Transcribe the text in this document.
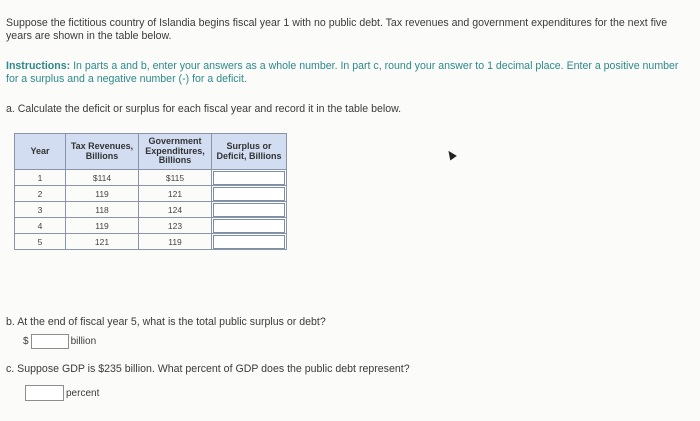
Suppose the fictitious country of Islandia begins fiscal year 1 with no public debt. Tax revenues and government expenditures for the next five years are shown in the table below.
Instructions: In parts a and b, enter your answers as a whole number. In part c, round your answer to 1 decimal place. Enter a positive number for a surplus and a negative number (-) for a deficit.
a. Calculate the deficit or surplus for each fiscal year and record it in the table below.
Year	Tax Revenues, Billions	Government Expenditures, Billions	Surplus or Deficit, Billions
1	$114	$115	

2	119	121	

3	118	124	

4	119	123	

5	121	119	
b. At the end of fiscal year 5, what is the total public surplus or debt?
$	billion
c. Suppose GDP is $235 billion. What percent of GDP does the public debt represent?
percent
